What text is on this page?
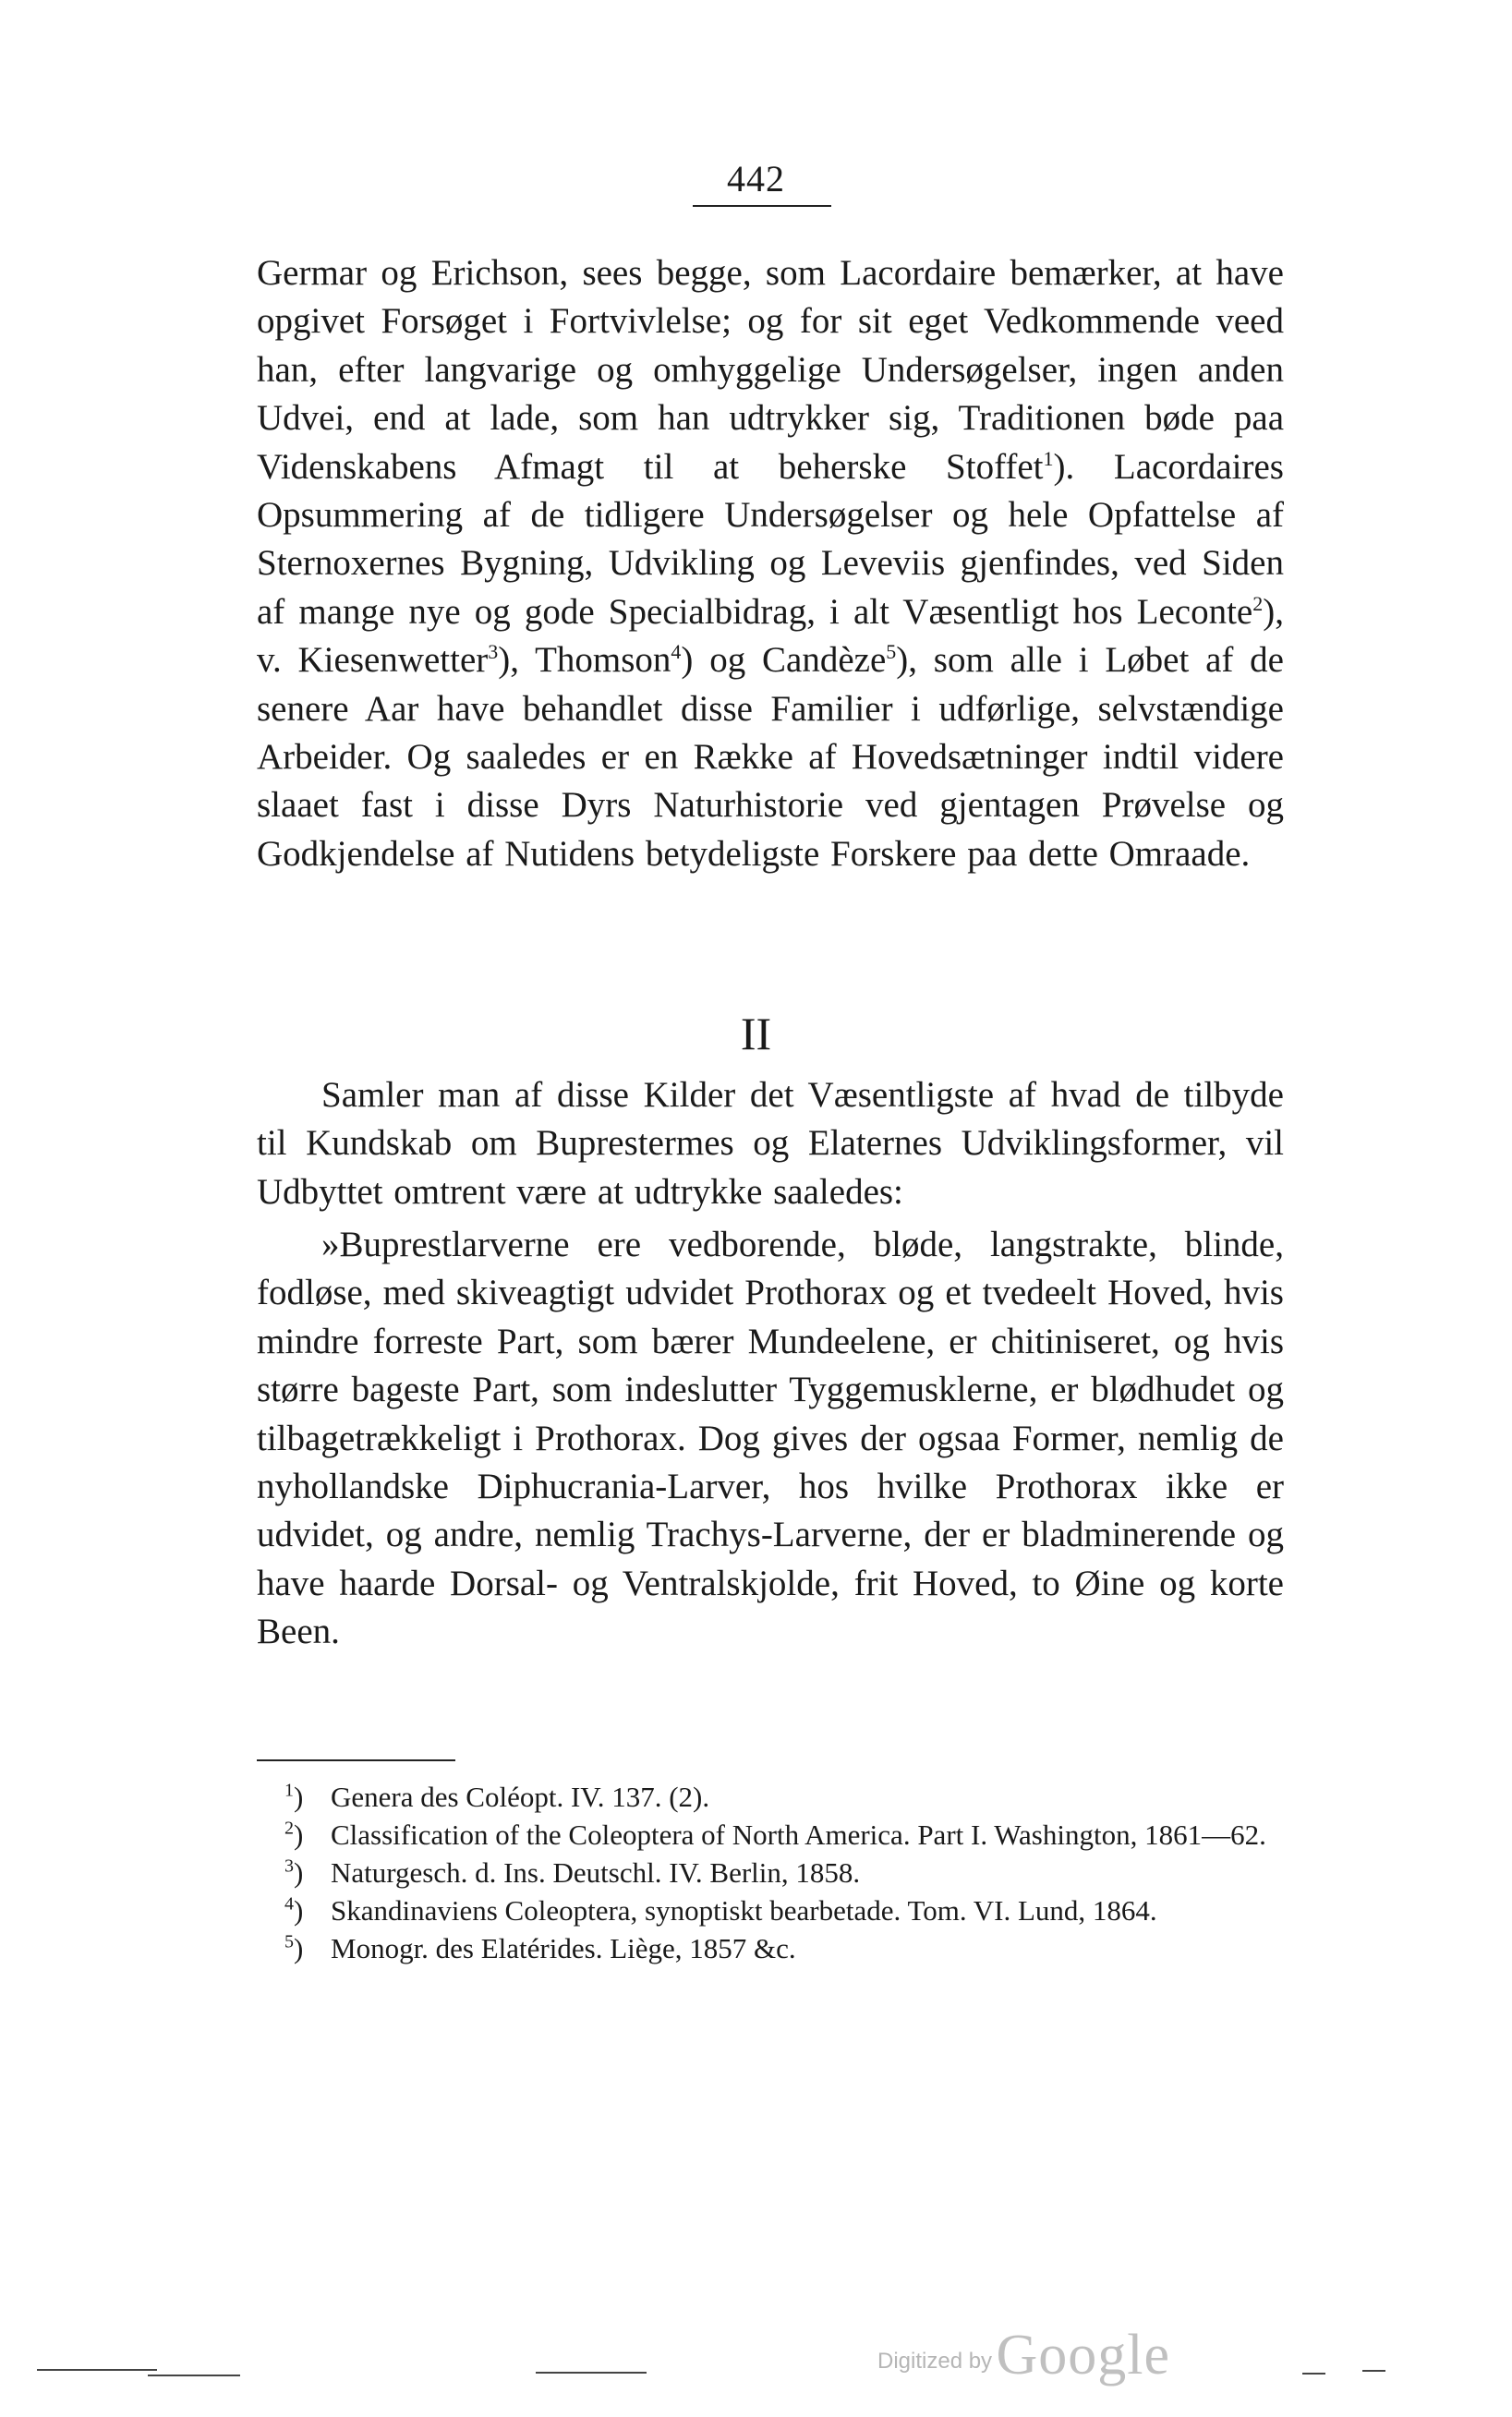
442
Germar og Erichson, sees begge, som Lacordaire bemærker, at have opgivet Forsøget i Fortvivlelse; og for sit eget Vedkommende veed han, efter langvarige og omhyggelige Undersøgelser, ingen anden Udvei, end at lade, som han udtrykker sig, Traditionen bøde paa Videnskabens Afmagt til at beherske Stoffet$^1$). Lacordaires Opsummering af de tidligere Undersøgelser og hele Opfattelse af Sternoxernes Bygning, Udvikling og Leveviis gjenfindes, ved Siden af mange nye og gode Specialbidrag, i alt Væsentligt hos Leconte$^2$), v. Kiesenwetter$^3$), Thomson$^4$) og Candèze$^5$), som alle i Løbet af de senere Aar have behandlet disse Familier i udførlige, selvstændige Arbeider. Og saaledes er en Række af Hovedsætninger indtil videre slaaet fast i disse Dyrs Naturhistorie ved gjentagen Prøvelse og Godkjendelse af Nutidens betydeligste Forskere paa dette Omraade.
II
Samler man af disse Kilder det Væsentligste af hvad de tilbyde til Kundskab om Buprestermes og Elaternes Udviklingsformer, vil Udbyttet omtrent være at udtrykke saaledes:
»Buprestlarverne ere vedborende, bløde, langstrakte, blinde, fodløse, med skiveagtigt udvidet Prothorax og et tvedeelt Hoved, hvis mindre forreste Part, som bærer Mundeelene, er chitiniseret, og hvis større bageste Part, som indeslutter Tyggemusklerne, er blødhudet og tilbagetrækkeligt i Prothorax. Dog gives der ogsaa Former, nemlig de nyhollandske Diphucrania-Larver, hos hvilke Prothorax ikke er udvidet, og andre, nemlig Trachys-Larverne, der er bladminerende og have haarde Dorsal- og Ventralskjolde, frit Hoved, to Øine og korte Been.
$^1$) Genera des Coléopt. IV. 137. (2).
$^2$) Classification of the Coleoptera of North America. Part I. Washington, 1861—62.
$^3$) Naturgesch. d. Ins. Deutschl. IV. Berlin, 1858.
$^4$) Skandinaviens Coleoptera, synoptiskt bearbetade. Tom. VI. Lund, 1864.
$^5$) Monogr. des Elatérides. Liège, 1857 &c.
Digitized by Google
